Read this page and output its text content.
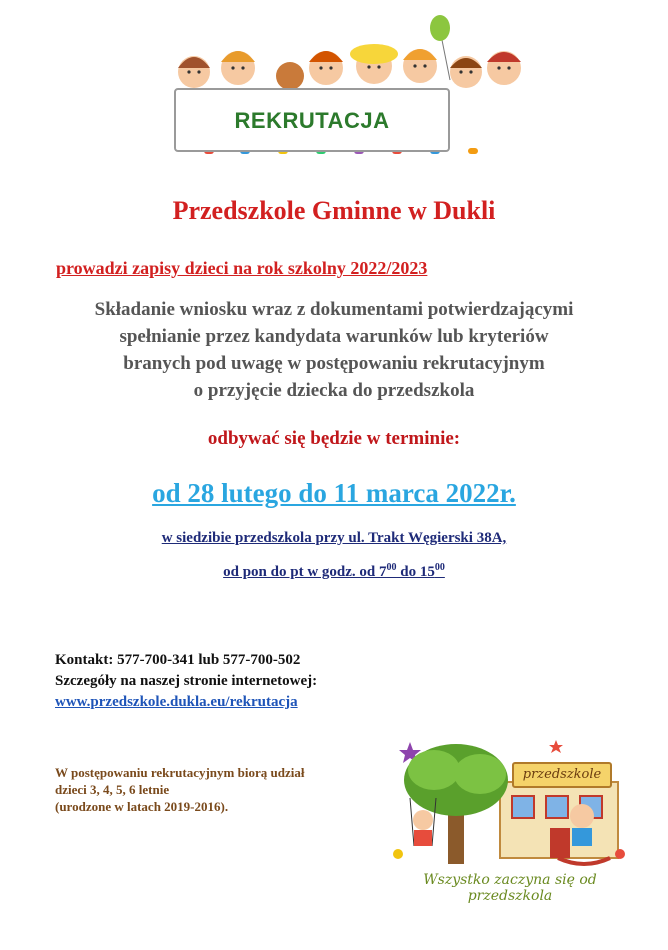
REKRUTACJA
Przedszkole Gminne w Dukli
prowadzi zapisy dzieci na rok szkolny 2022/2023
Składanie wniosku wraz z dokumentami potwierdzającymi
spełnianie przez kandydata warunków lub kryteriów
branych pod uwagę w postępowaniu rekrutacyjnym
o przyjęcie dziecka do przedszkola
odbywać się będzie w terminie:
od 28 lutego do 11 marca 2022r.
w siedzibie przedszkola przy ul. Trakt Węgierski 38A,
od pon do pt w godz. od $7^{00}$ do $15^{00}$
Kontakt: 577-700-341 lub 577-700-502
Szczegóły na naszej stronie internetowej:
www.przedszkole.dukla.eu/rekrutacja
W postępowaniu rekrutacyjnym biorą udział
dzieci 3, 4, 5, 6 letnie
(urodzone w latach 2019-2016).
przedszkole
Wszystko zaczyna się od przedszkola
